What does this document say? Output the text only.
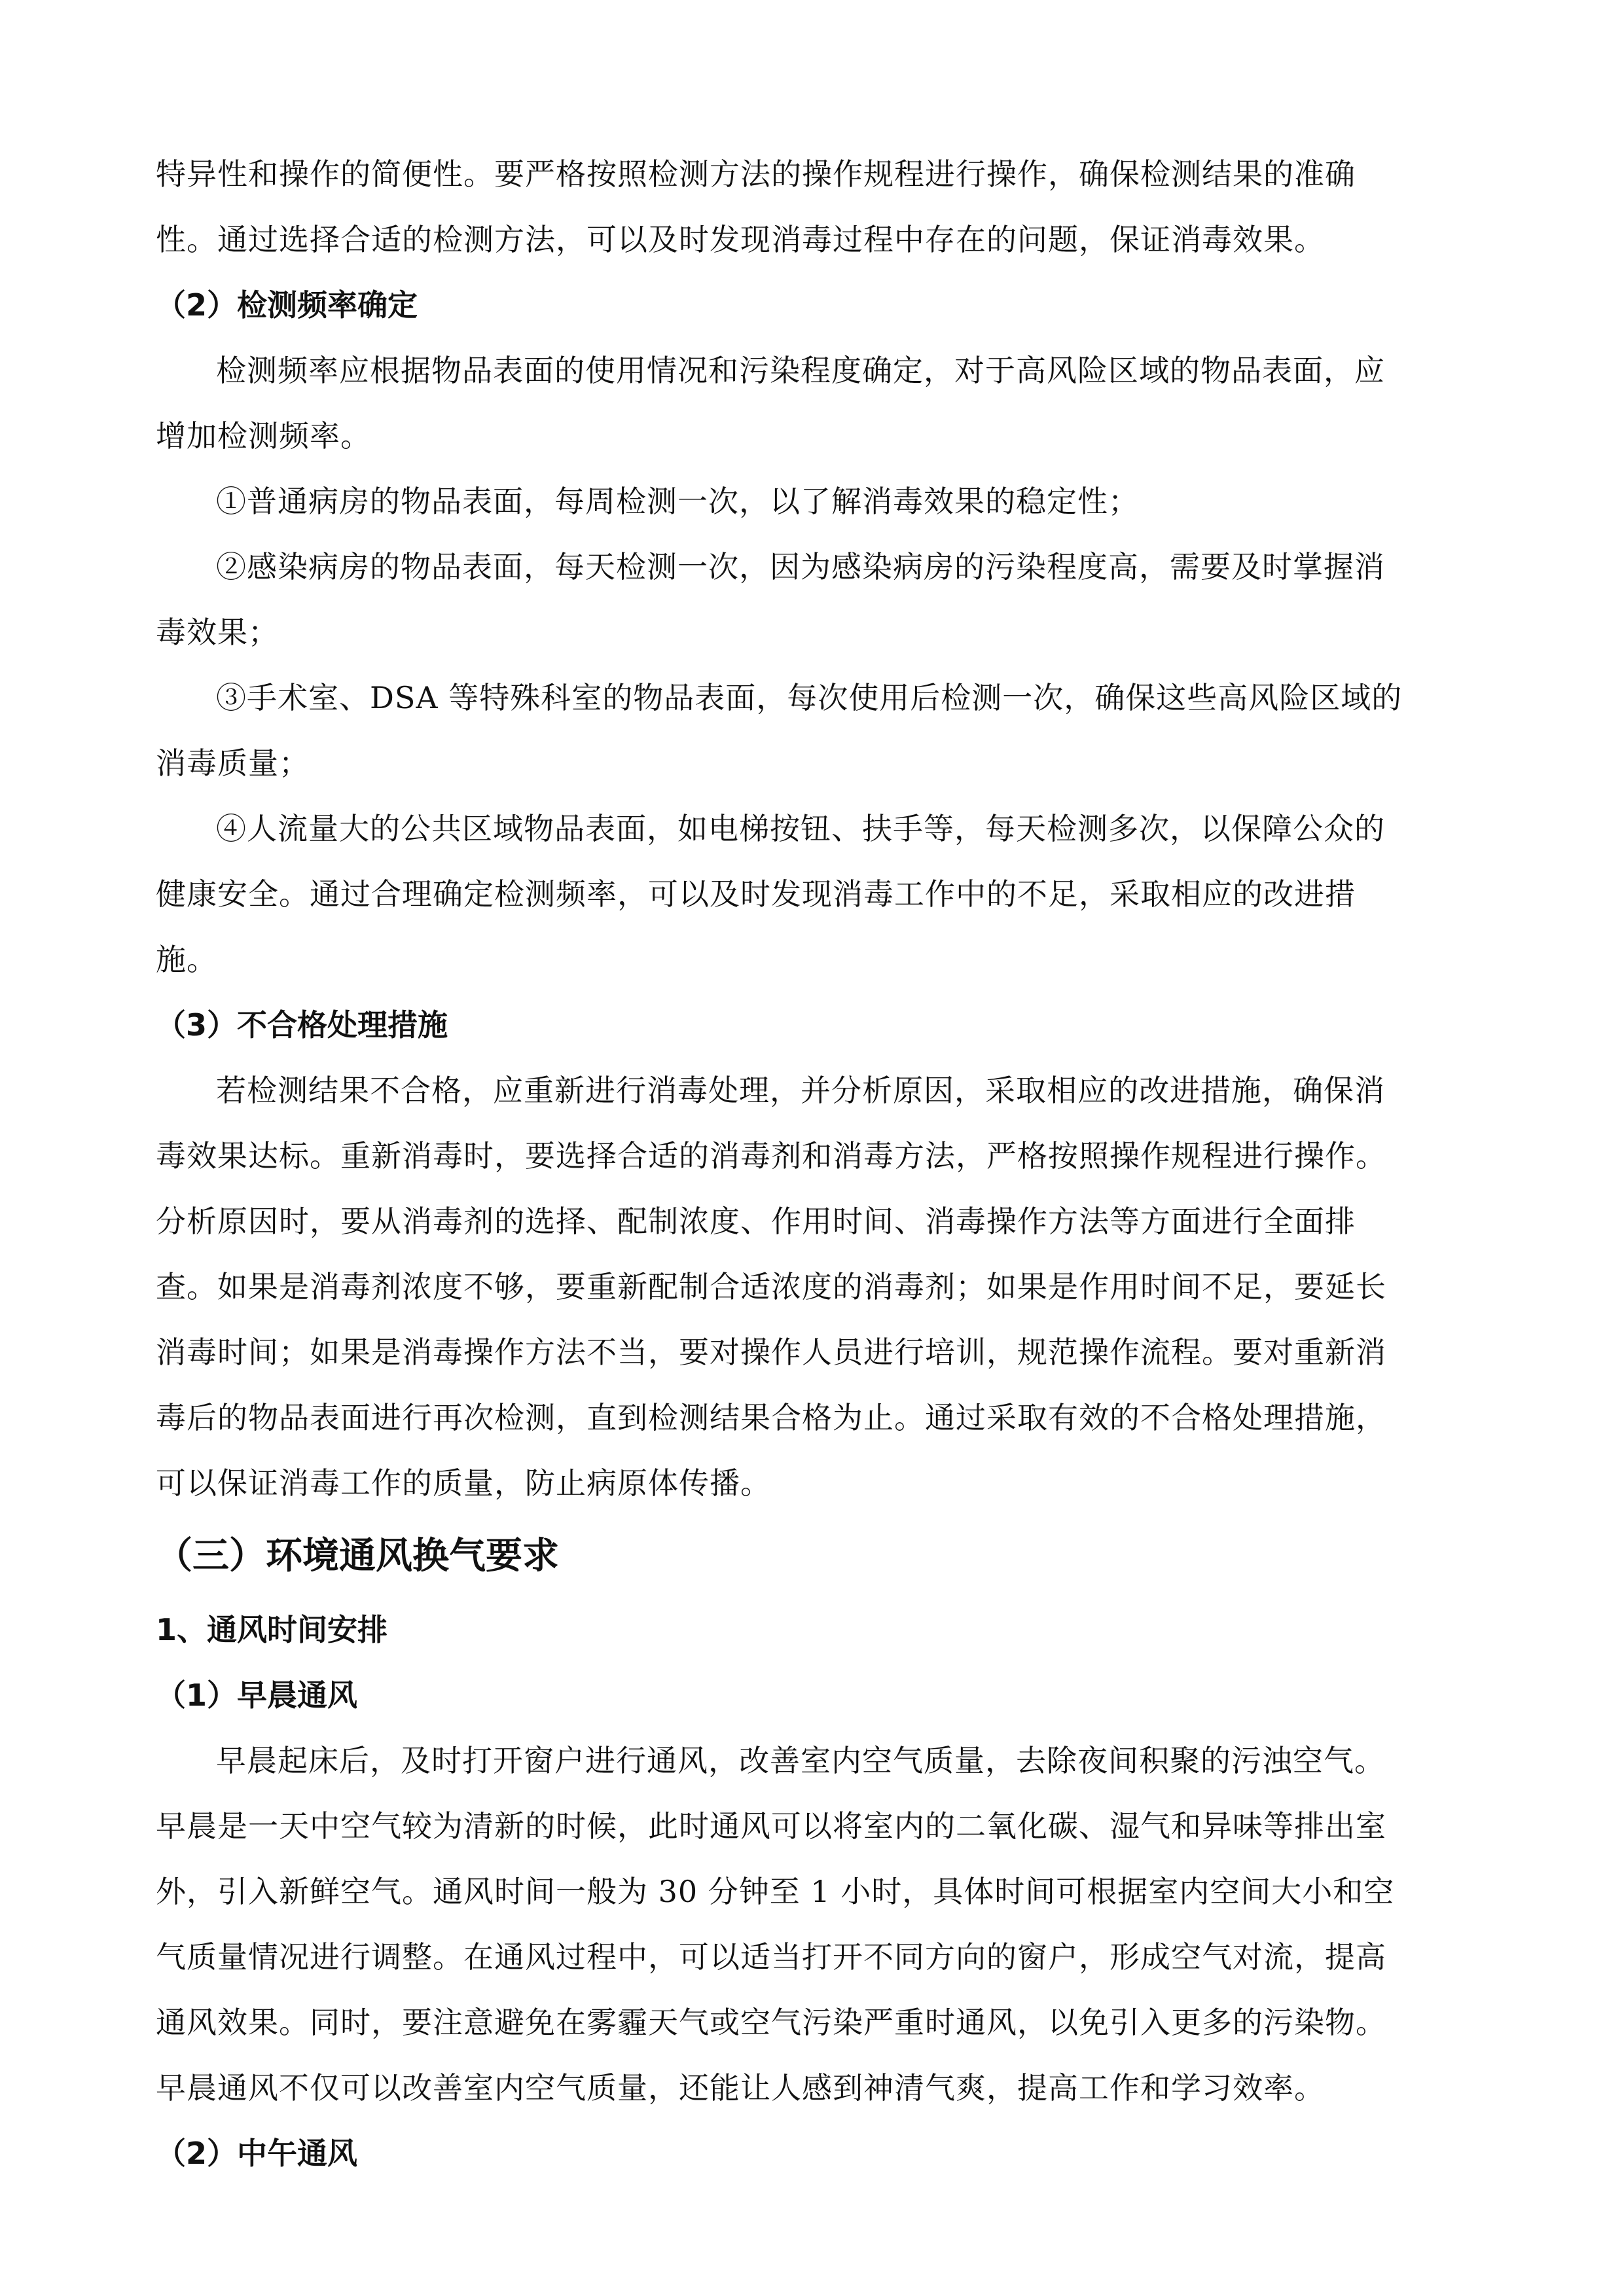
特异性和操作的简便性。要严格按照检测方法的操作规程进行操作，确保检测结果的准确
性。通过选择合适的检测方法，可以及时发现消毒过程中存在的问题，保证消毒效果。
（2）检测频率确定
检测频率应根据物品表面的使用情况和污染程度确定，对于高风险区域的物品表面，应
增加检测频率。
①普通病房的物品表面，每周检测一次，以了解消毒效果的稳定性；
②感染病房的物品表面，每天检测一次，因为感染病房的污染程度高，需要及时掌握消
毒效果；
③手术室、DSA 等特殊科室的物品表面，每次使用后检测一次，确保这些高风险区域的
消毒质量；
④人流量大的公共区域物品表面，如电梯按钮、扶手等，每天检测多次，以保障公众的
健康安全。通过合理确定检测频率，可以及时发现消毒工作中的不足，采取相应的改进措
施。
（3）不合格处理措施
若检测结果不合格，应重新进行消毒处理，并分析原因，采取相应的改进措施，确保消
毒效果达标。重新消毒时，要选择合适的消毒剂和消毒方法，严格按照操作规程进行操作。
分析原因时，要从消毒剂的选择、配制浓度、作用时间、消毒操作方法等方面进行全面排
查。如果是消毒剂浓度不够，要重新配制合适浓度的消毒剂；如果是作用时间不足，要延长
消毒时间；如果是消毒操作方法不当，要对操作人员进行培训，规范操作流程。要对重新消
毒后的物品表面进行再次检测，直到检测结果合格为止。通过采取有效的不合格处理措施，
可以保证消毒工作的质量，防止病原体传播。
（三）环境通风换气要求
1、通风时间安排
（1）早晨通风
早晨起床后，及时打开窗户进行通风，改善室内空气质量，去除夜间积聚的污浊空气。
早晨是一天中空气较为清新的时候，此时通风可以将室内的二氧化碳、湿气和异味等排出室
外，引入新鲜空气。通风时间一般为 30 分钟至 1 小时，具体时间可根据室内空间大小和空
气质量情况进行调整。在通风过程中，可以适当打开不同方向的窗户，形成空气对流，提高
通风效果。同时，要注意避免在雾霾天气或空气污染严重时通风，以免引入更多的污染物。
早晨通风不仅可以改善室内空气质量，还能让人感到神清气爽，提高工作和学习效率。
（2）中午通风
